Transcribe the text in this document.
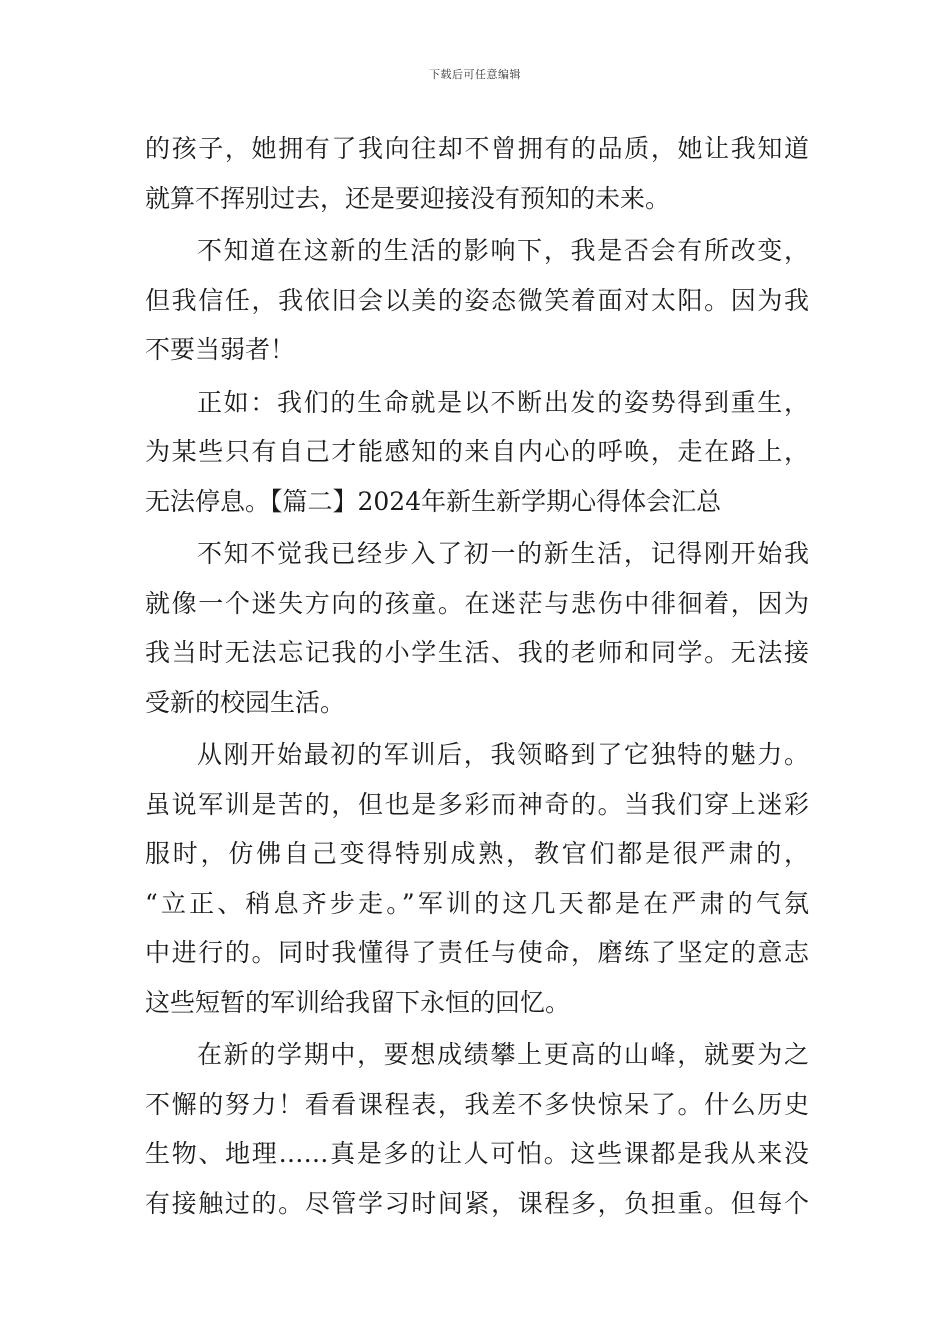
下载后可任意编辑
的孩子，她拥有了我向往却不曾拥有的品质，她让我知道
就算不挥别过去，还是要迎接没有预知的未来。
不知道在这新的生活的影响下，我是否会有所改变，
但我信任，我依旧会以美的姿态微笑着面对太阳。因为我
不要当弱者！
正如：我们的生命就是以不断出发的姿势得到重生，
为某些只有自己才能感知的来自内心的呼唤，走在路上，
无法停息。【篇二】2024年新生新学期心得体会汇总
不知不觉我已经步入了初一的新生活，记得刚开始我
就像一个迷失方向的孩童。在迷茫与悲伤中徘徊着，因为
我当时无法忘记我的小学生活、我的老师和同学。无法接
受新的校园生活。
从刚开始最初的军训后，我领略到了它独特的魅力。
虽说军训是苦的，但也是多彩而神奇的。当我们穿上迷彩
服时，仿佛自己变得特别成熟，教官们都是很严肃的，
“立正、稍息齐步走。”军训的这几天都是在严肃的气氛
中进行的。同时我懂得了责任与使命，磨练了坚定的意志
这些短暂的军训给我留下永恒的回忆。
在新的学期中，要想成绩攀上更高的山峰，就要为之
不懈的努力！看看课程表，我差不多快惊呆了。什么历史
生物、地理……真是多的让人可怕。这些课都是我从来没
有接触过的。尽管学习时间紧，课程多，负担重。但每个
